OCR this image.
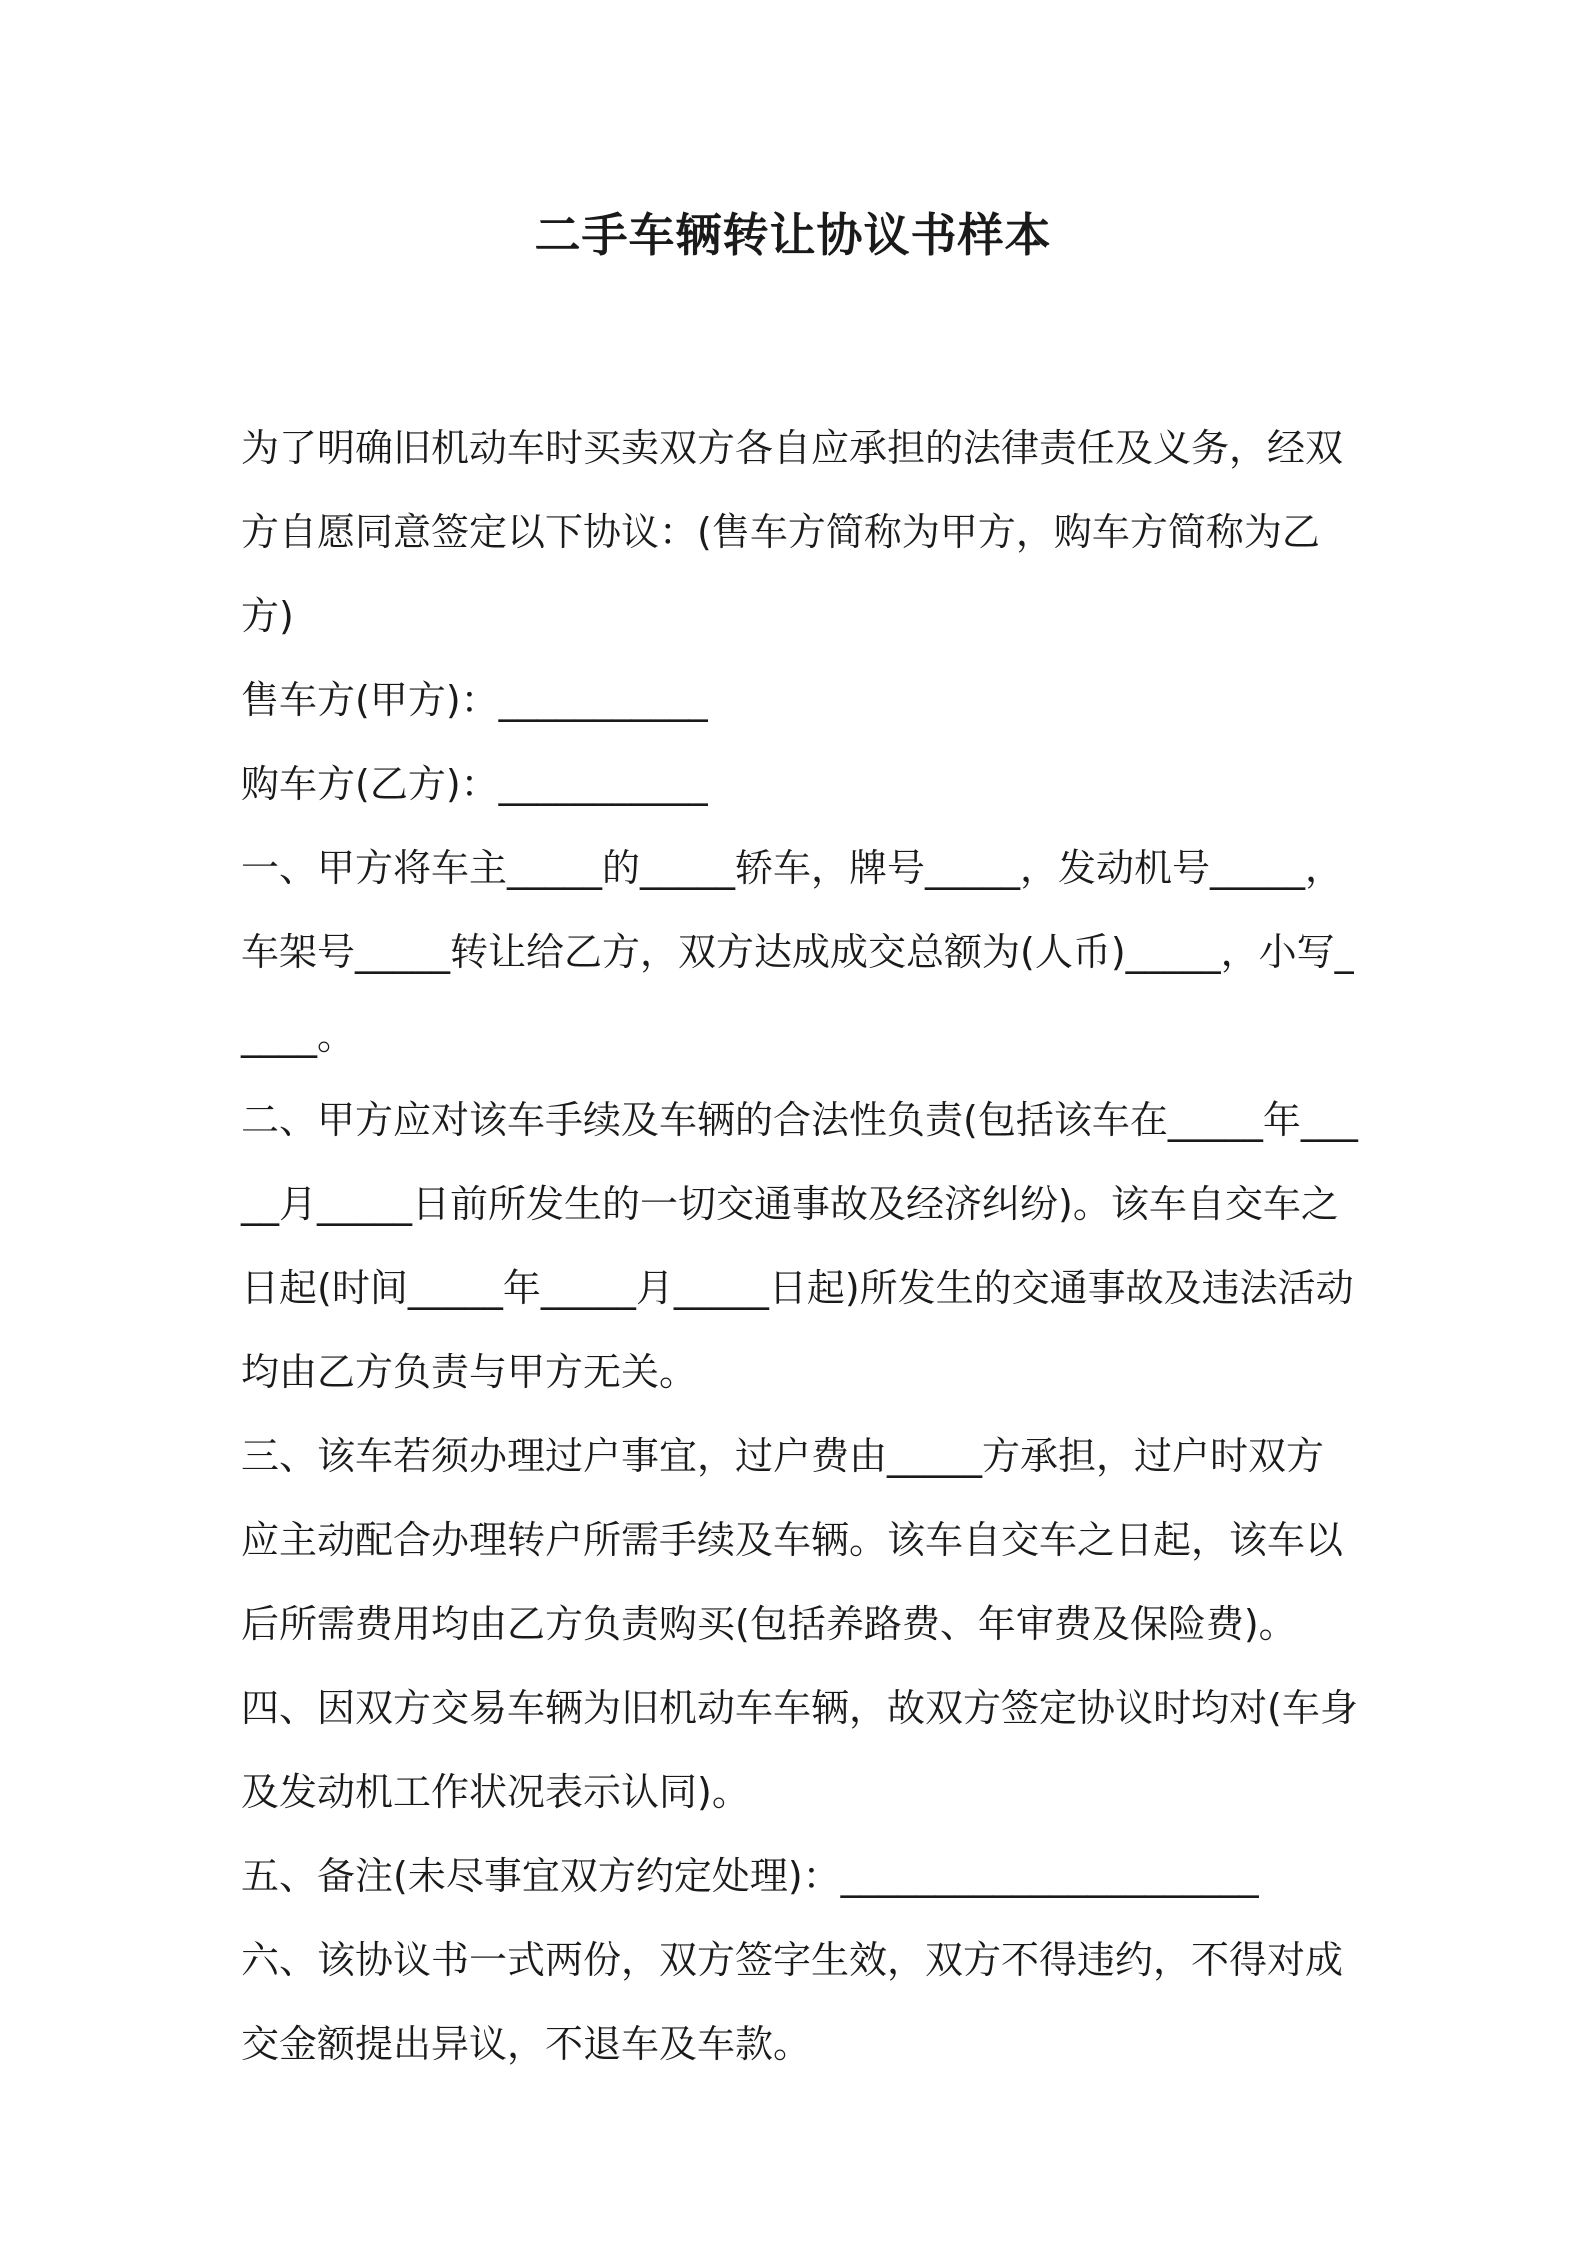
二手车辆转让协议书样本

为了明确旧机动车时买卖双方各自应承担的法律责任及义务，经双方自愿同意签定以下协议：(售车方简称为甲方，购车方简称为乙方)

售车方(甲方)：___________

购车方(乙方)：___________

一、甲方将车主_____的_____轿车，牌号_____，发动机号_____，车架号_____转让给乙方，双方达成成交总额为(人币)_____，小写_____。

二、甲方应对该车手续及车辆的合法性负责(包括该车在_____年_____月_____日前所发生的一切交通事故及经济纠纷)。该车自交车之日起(时间_____年_____月_____日起)所发生的交通事故及违法活动均由乙方负责与甲方无关。

三、该车若须办理过户事宜，过户费由_____方承担，过户时双方应主动配合办理转户所需手续及车辆。该车自交车之日起，该车以后所需费用均由乙方负责购买(包括养路费、年审费及保险费)。

四、因双方交易车辆为旧机动车车辆，故双方签定协议时均对(车身及发动机工作状况表示认同)。

五、备注(未尽事宜双方约定处理)：______________________

六、该协议书一式两份，双方签字生效，双方不得违约，不得对成交金额提出异议，不退车及车款。
